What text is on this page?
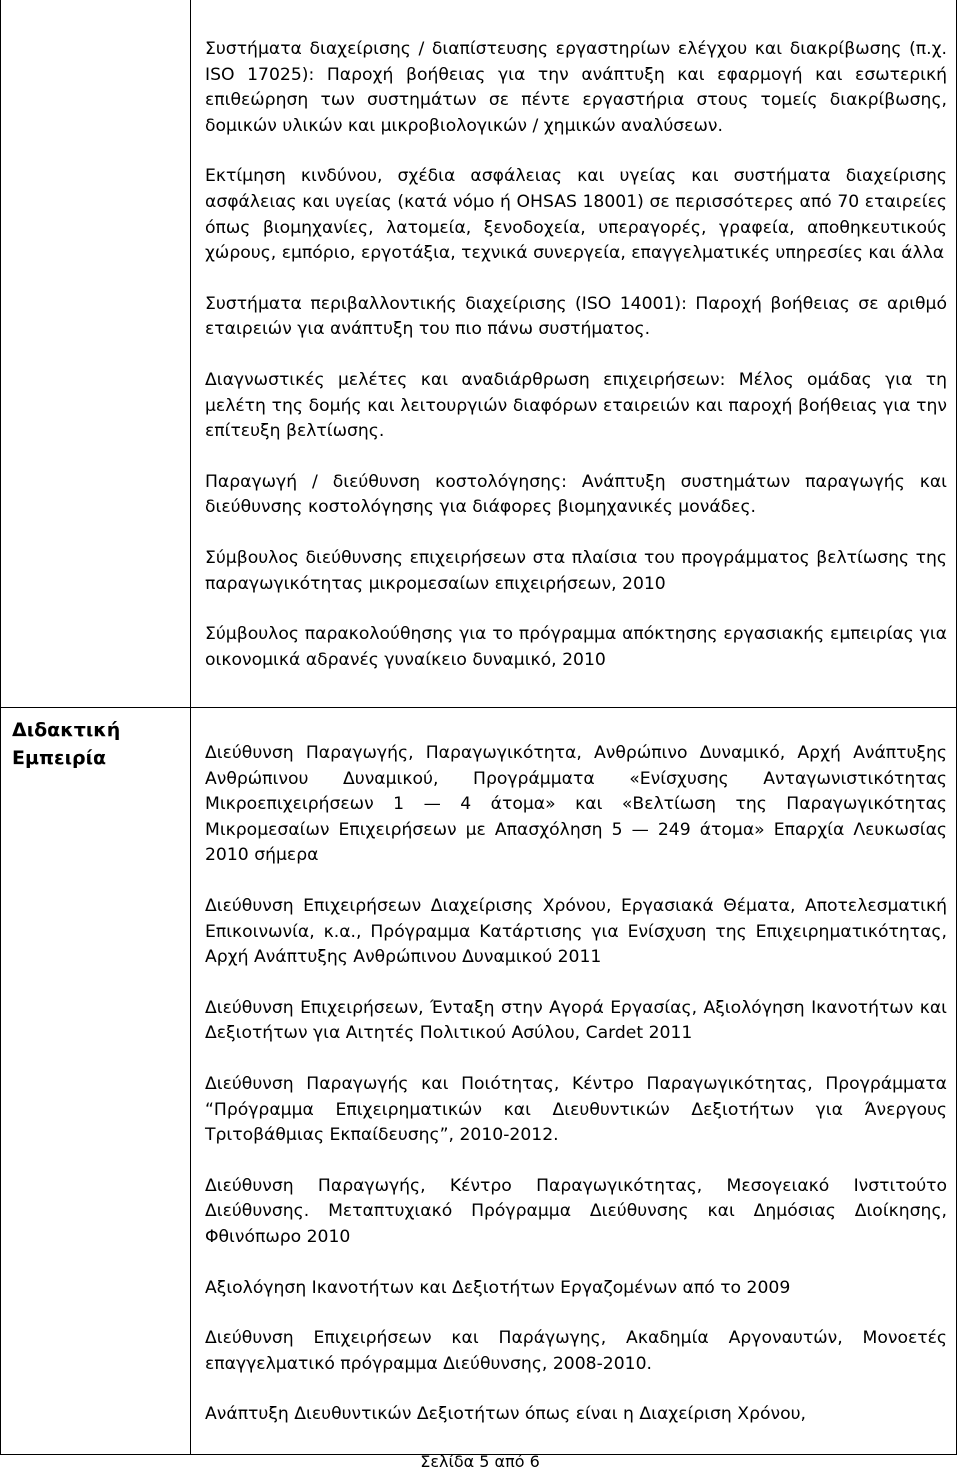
Διδακτική
Εμπειρία

Συστήματα διαχείρισης / διαπίστευσης εργαστηρίων ελέγχου και διακρίβωσης (π.χ. ISO 17025): Παροχή βοήθειας για την ανάπτυξη και εφαρμογή και εσωτερική επιθεώρηση των συστημάτων σε πέντε εργαστήρια στους τομείς διακρίβωσης, δομικών υλικών και μικροβιολογικών / χημικών αναλύσεων.

Εκτίμηση κινδύνου, σχέδια ασφάλειας και υγείας και συστήματα διαχείρισης ασφάλειας και υγείας (κατά νόμο ή OHSAS 18001) σε περισσότερες από 70 εταιρείες όπως βιομηχανίες, λατομεία, ξενοδοχεία, υπεραγορές, γραφεία, αποθηκευτικούς χώρους, εμπόριο, εργοτάξια, τεχνικά συνεργεία, επαγγελματικές υπηρεσίες και άλλα

Συστήματα περιβαλλοντικής διαχείρισης (ISO 14001): Παροχή βοήθειας σε αριθμό εταιρειών για ανάπτυξη του πιο πάνω συστήματος.

Διαγνωστικές μελέτες και αναδιάρθρωση επιχειρήσεων: Μέλος ομάδας για τη μελέτη της δομής και λειτουργιών διαφόρων εταιρειών και παροχή βοήθειας για την επίτευξη βελτίωσης.

Παραγωγή / διεύθυνση κοστολόγησης: Ανάπτυξη συστημάτων παραγωγής και διεύθυνσης κοστολόγησης για διάφορες βιομηχανικές μονάδες.

Σύμβουλος διεύθυνσης επιχειρήσεων στα πλαίσια του προγράμματος βελτίωσης της παραγωγικότητας μικρομεσαίων επιχειρήσεων, 2010

Σύμβουλος παρακολούθησης για το πρόγραμμα απόκτησης εργασιακής εμπειρίας για οικονομικά αδρανές γυναίκειο δυναμικό, 2010

Διεύθυνση Παραγωγής, Παραγωγικότητα, Ανθρώπινο Δυναμικό, Αρχή Ανάπτυξης Ανθρώπινου Δυναμικού, Προγράμματα «Ενίσχυσης Ανταγωνιστικότητας Μικροεπιχειρήσεων 1 — 4 άτομα» και «Βελτίωση της Παραγωγικότητας Μικρομεσαίων Επιχειρήσεων με Απασχόληση 5 — 249 άτομα» Επαρχία Λευκωσίας 2010 σήμερα

Διεύθυνση Επιχειρήσεων Διαχείρισης Χρόνου, Εργασιακά Θέματα, Αποτελεσματική Επικοινωνία, κ.α., Πρόγραμμα Κατάρτισης για Ενίσχυση της Επιχειρηματικότητας, Αρχή Ανάπτυξης Ανθρώπινου Δυναμικού 2011

Διεύθυνση Επιχειρήσεων, Ένταξη στην Αγορά Εργασίας, Αξιολόγηση Ικανοτήτων και Δεξιοτήτων για Αιτητές Πολιτικού Ασύλου, Cardet 2011

Διεύθυνση Παραγωγής και Ποιότητας, Κέντρο Παραγωγικότητας, Προγράμματα “Πρόγραμμα Επιχειρηματικών και Διευθυντικών Δεξιοτήτων για Άνεργους Τριτοβάθμιας Εκπαίδευσης”, 2010-2012.

Διεύθυνση Παραγωγής, Κέντρο Παραγωγικότητας, Μεσογειακό Ινστιτούτο Διεύθυνσης. Μεταπτυχιακό Πρόγραμμα Διεύθυνσης και Δημόσιας Διοίκησης, Φθινόπωρο 2010

Αξιολόγηση Ικανοτήτων και Δεξιοτήτων Εργαζομένων από το 2009

Διεύθυνση Επιχειρήσεων και Παράγωγης, Ακαδημία Αργοναυτών, Μονοετές επαγγελματικό πρόγραμμα Διεύθυνσης, 2008-2010.

Ανάπτυξη Διευθυντικών Δεξιοτήτων όπως είναι η Διαχείριση Χρόνου,

Σελίδα 5 από 6
